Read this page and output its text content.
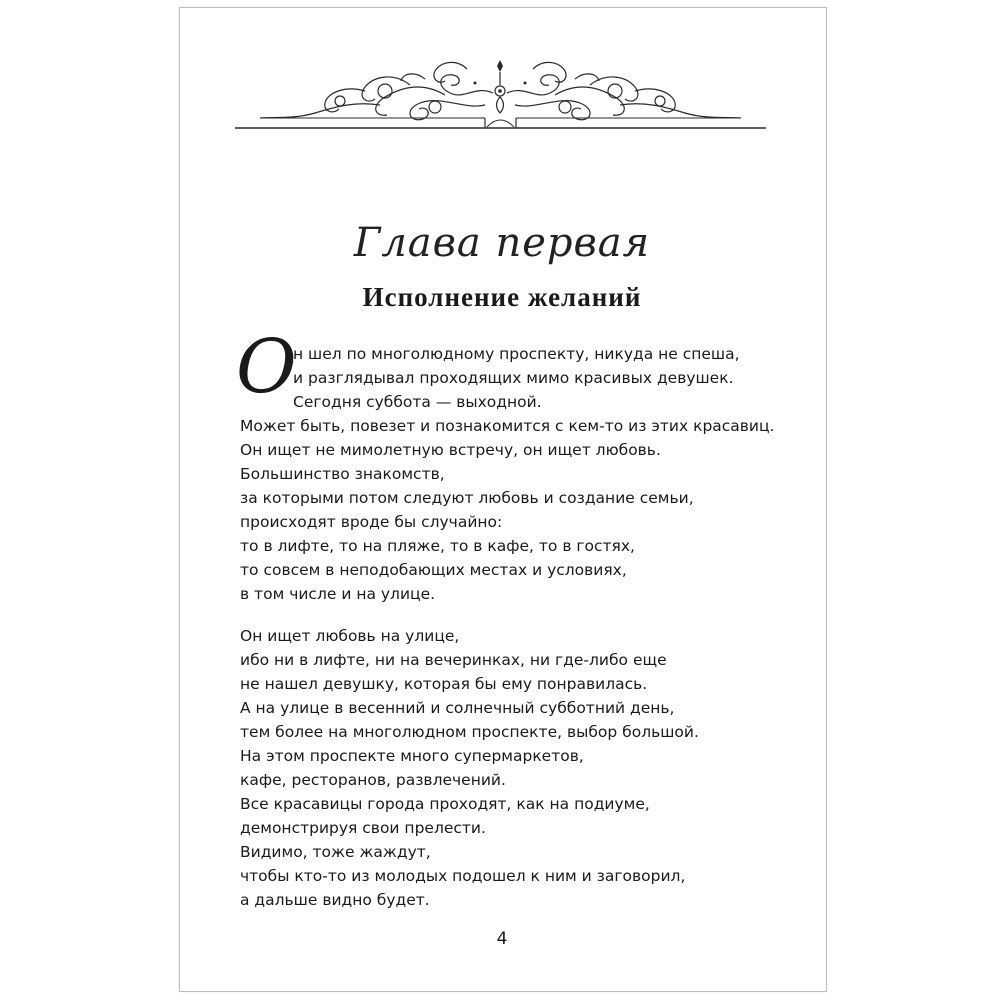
Глава первая
Исполнение желаний
О
н шел по многолюдному проспекту, никуда не спеша,
и разглядывал проходящих мимо красивых девушек.
Сегодня суббота — выходной.
Может быть, повезет и познакомится с кем-то из этих красавиц.
Он ищет не мимолетную встречу, он ищет любовь.
Большинство знакомств,
за которыми потом следуют любовь и создание семьи,
происходят вроде бы случайно:
то в лифте, то на пляже, то в кафе, то в гостях,
то совсем в неподобающих местах и условиях,
в том числе и на улице.
Он ищет любовь на улице,
ибо ни в лифте, ни на вечеринках, ни где-либо еще
не нашел девушку, которая бы ему понравилась.
А на улице в весенний и солнечный субботний день,
тем более на многолюдном проспекте, выбор большой.
На этом проспекте много супермаркетов,
кафе, ресторанов, развлечений.
Все красавицы города проходят, как на подиуме,
демонстрируя свои прелести.
Видимо, тоже жаждут,
чтобы кто-то из молодых подошел к ним и заговорил,
а дальше видно будет.
4
